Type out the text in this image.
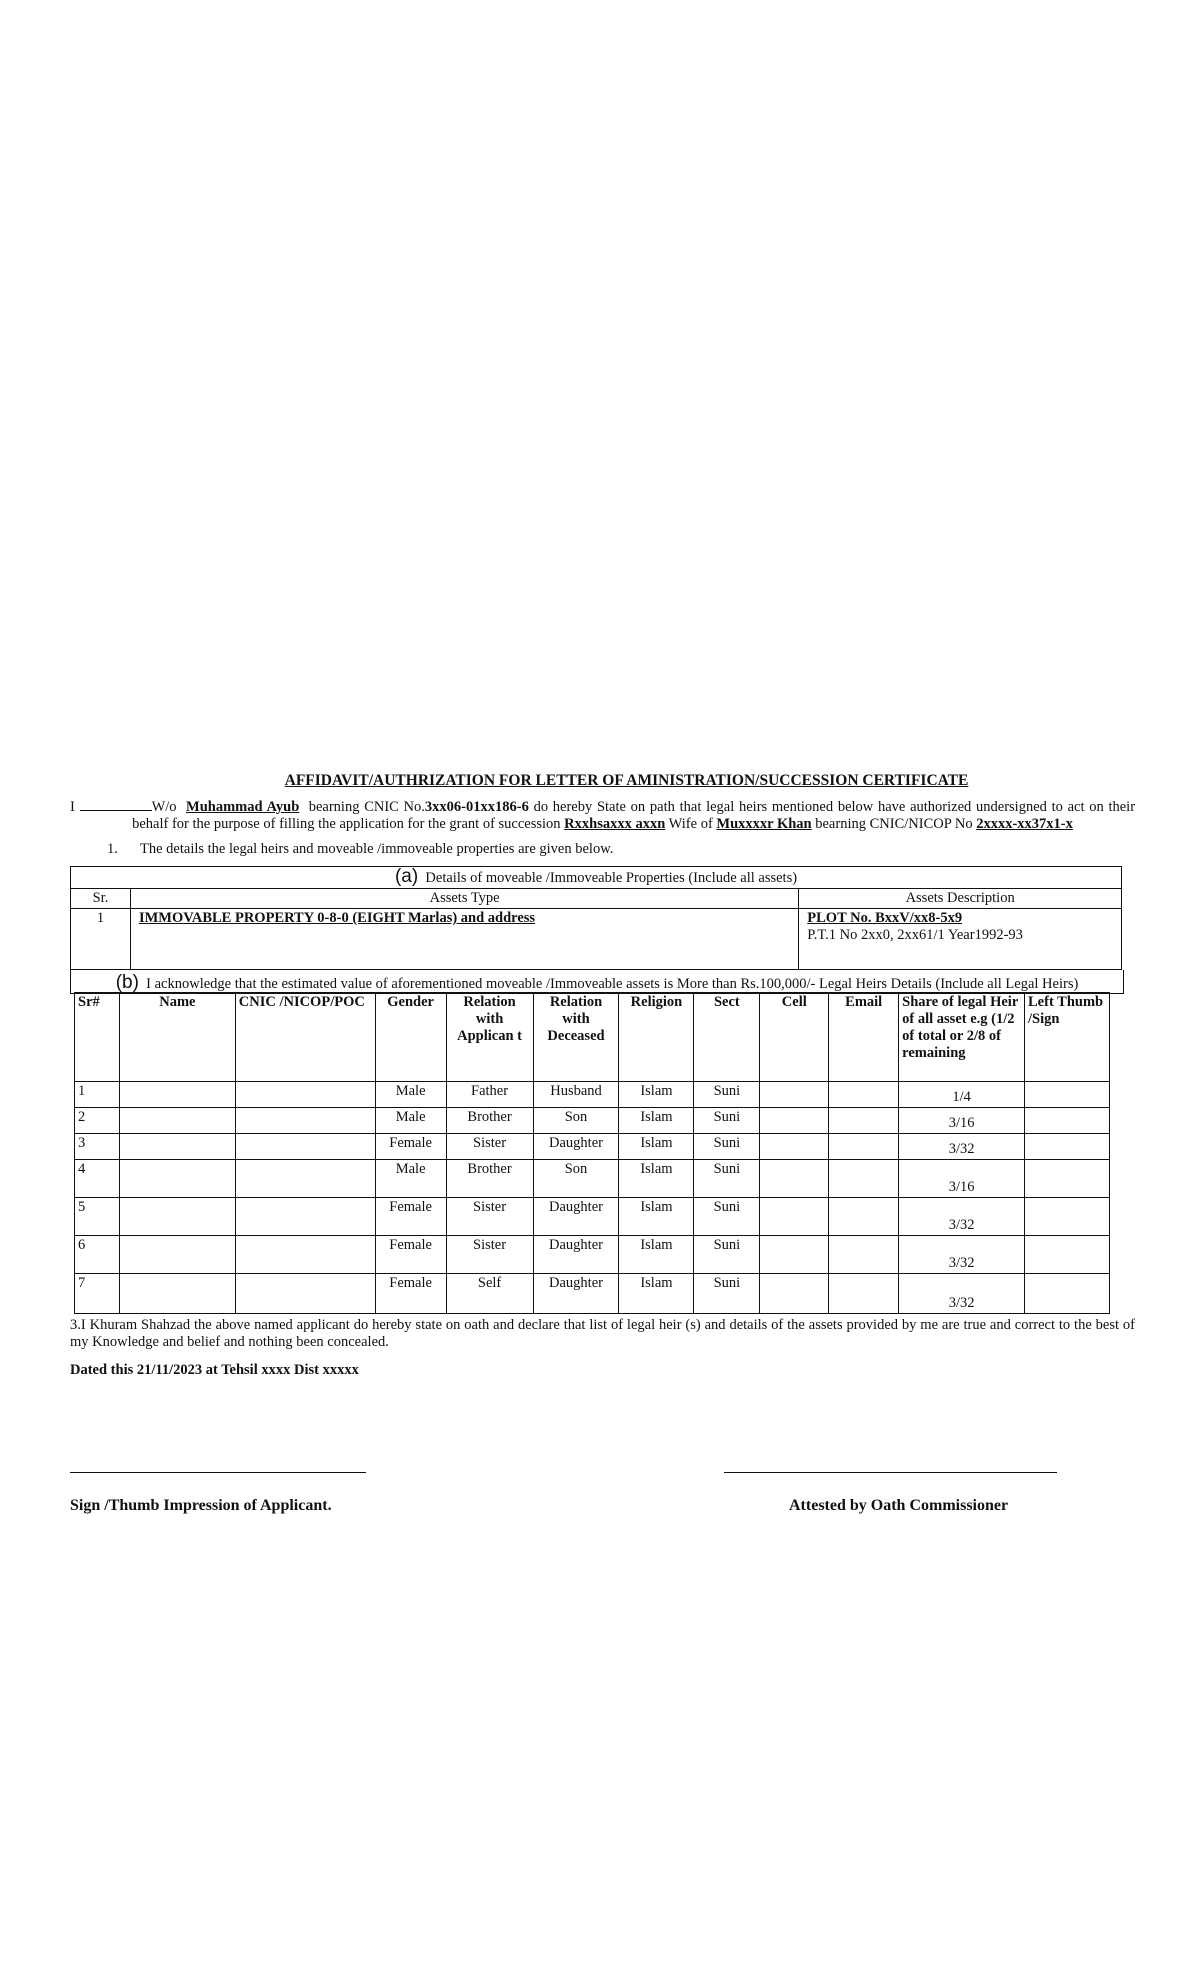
AFFIDAVIT/AUTHRIZATION FOR LETTER OF AMINISTRATION/SUCCESSION CERTIFICATE
I	W/o Muhammad Ayub bearning CNIC No.3xx06-01xx186-6 do hereby State on path that legal heirs mentioned below have authorized undersigned to act on their behalf for the purpose of filling the application for the grant of succession Rxxhsaxxx axxn Wife of Muxxxxr Khan bearning CNIC/NICOP No 2xxxx-xx37x1-x
1. The details the legal heirs and moveable /immoveable properties are given below.
(a) Details of moveable /Immoveable Properties (Include all assets)		
Sr.	Assets Type	Assets Description
1	IMMOVABLE PROPERTY 0-8-0 (EIGHT Marlas) and address	PLOT No. BxxV/xx8-5x9
P.T.1 No 2xx0, 2xx61/1 Year1992-93
(b) I acknowledge that the estimated value of aforementioned moveable /Immoveable assets is More than Rs.100,000/- Legal Heirs Details (Include all Legal Heirs)
Sr#	Name	CNIC /NICOP/POC	Gender	Relation with Applican t	Relation with Deceased	Religion	Sect	Cell	Email	Share of legal Heir of all asset e.g (1/2 of total or 2/8 of remaining	Left Thumb /Sign
1			Male	Father	Husband	Islam	Suni			1/4	
2			Male	Brother	Son	Islam	Suni			3/16	
3			Female	Sister	Daughter	Islam	Suni			3/32	
4			Male	Brother	Son	Islam	Suni			3/16	
5			Female	Sister	Daughter	Islam	Suni			3/32	
6			Female	Sister	Daughter	Islam	Suni			3/32	
7			Female	Self	Daughter	Islam	Suni			3/32	
3.I Khuram Shahzad the above named applicant do hereby state on oath and declare that list of legal heir (s) and details of the assets provided by me are true and correct to the best of my Knowledge and belief and nothing been concealed.
Dated this 21/11/2023 at Tehsil xxxx Dist xxxxx
Sign /Thumb Impression of Applicant.	Attested by Oath Commissioner
